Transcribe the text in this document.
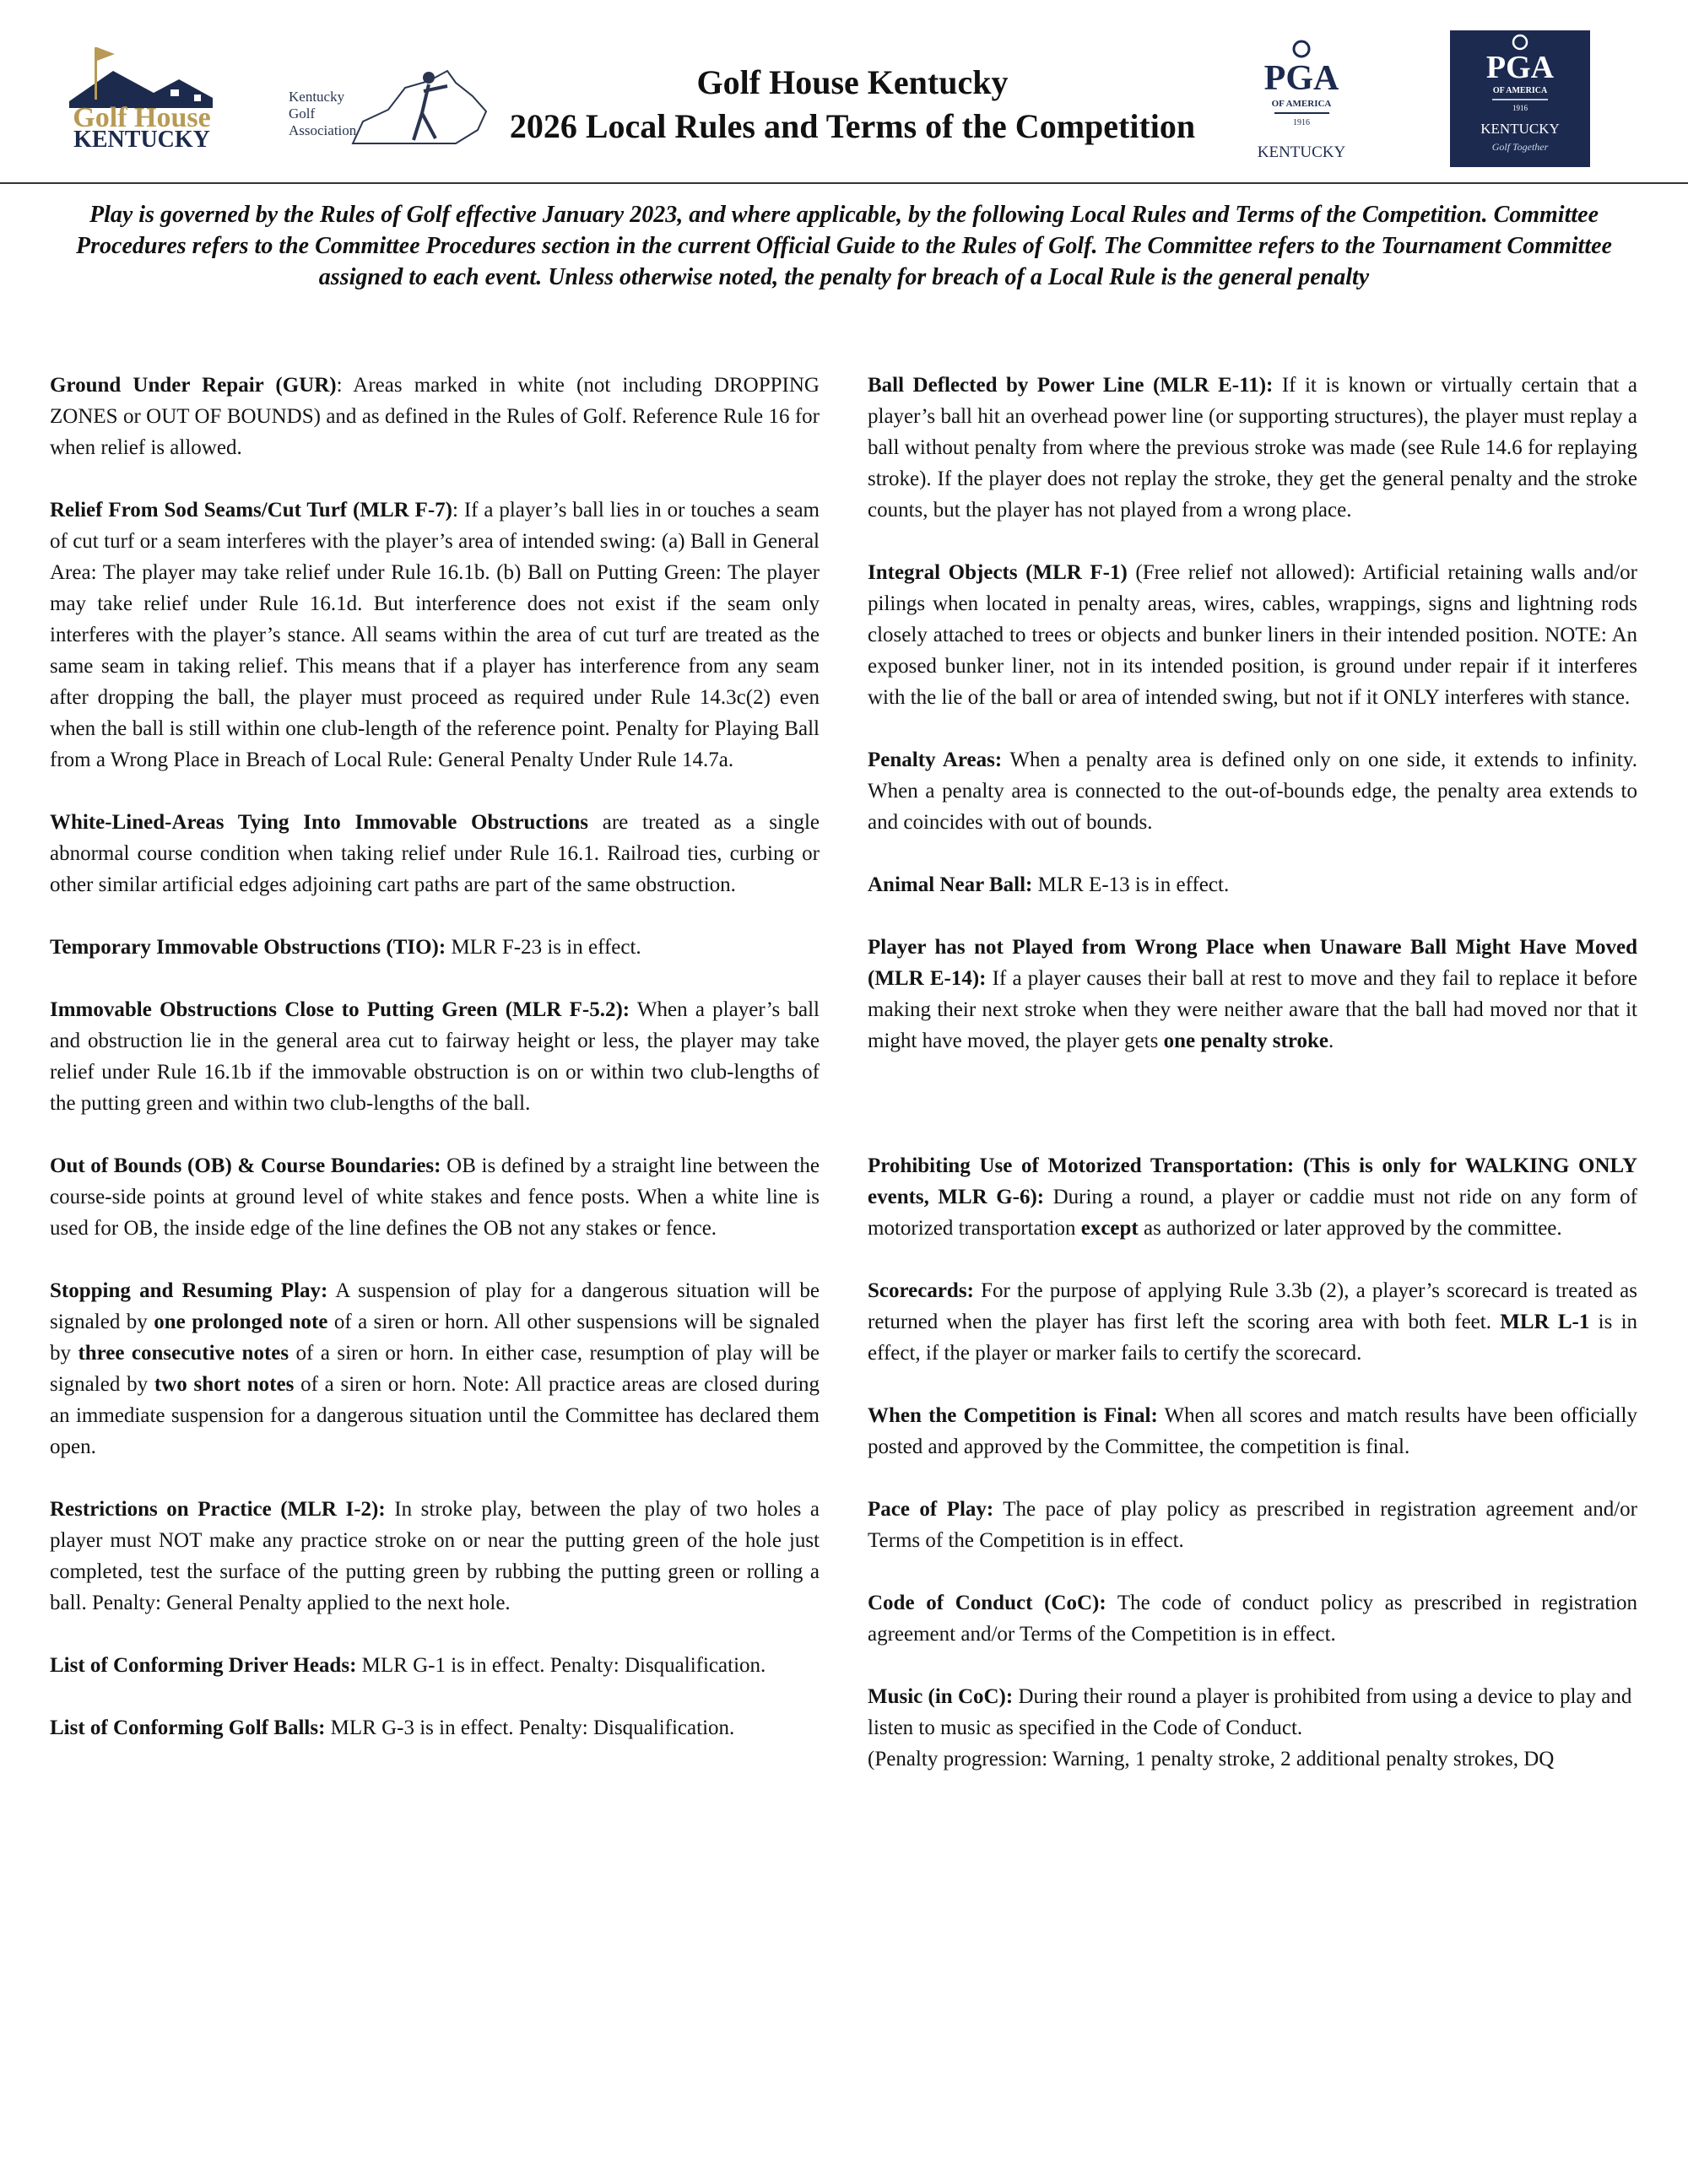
Golf House
KENTUCKY
Kentucky
Golf
Association
Golf House Kentucky
2026 Local Rules and Terms of the Competition
PGA
OF AMERICA
1916
KENTUCKY
PGA
OF AMERICA
1916
KENTUCKY
Golf Together
Play is governed by the Rules of Golf effective January 2023, and where applicable, by the following Local Rules and Terms of the Competition. Committee Procedures refers to the Committee Procedures section in the current Official Guide to the Rules of Golf. The Committee refers to the Tournament Committee assigned to each event. Unless otherwise noted, the penalty for breach of a Local Rule is the general penalty

Ground Under Repair (GUR): Areas marked in white (not including DROPPING ZONES or OUT OF BOUNDS) and as defined in the Rules of Golf. Reference Rule 16 for when relief is allowed.

Relief From Sod Seams/Cut Turf (MLR F-7): If a player’s ball lies in or touches a seam of cut turf or a seam interferes with the player’s area of intended swing: (a) Ball in General Area: The player may take relief under Rule 16.1b. (b) Ball on Putting Green: The player may take relief under Rule 16.1d. But interference does not exist if the seam only interferes with the player’s stance. All seams within the area of cut turf are treated as the same seam in taking relief. This means that if a player has interference from any seam after dropping the ball, the player must proceed as required under Rule 14.3c(2) even when the ball is still within one club-length of the reference point. Penalty for Playing Ball from a Wrong Place in Breach of Local Rule: General Penalty Under Rule 14.7a.

White-Lined-Areas Tying Into Immovable Obstructions are treated as a single abnormal course condition when taking relief under Rule 16.1. Railroad ties, curbing or other similar artificial edges adjoining cart paths are part of the same obstruction.

Temporary Immovable Obstructions (TIO): MLR F-23 is in effect.

Immovable Obstructions Close to Putting Green (MLR F-5.2): When a player’s ball and obstruction lie in the general area cut to fairway height or less, the player may take relief under Rule 16.1b if the immovable obstruction is on or within two club-lengths of the putting green and within two club-lengths of the ball.

Out of Bounds (OB) & Course Boundaries: OB is defined by a straight line between the course-side points at ground level of white stakes and fence posts. When a white line is used for OB, the inside edge of the line defines the OB not any stakes or fence.

Stopping and Resuming Play: A suspension of play for a dangerous situation will be signaled by one prolonged note of a siren or horn. All other suspensions will be signaled by three consecutive notes of a siren or horn. In either case, resumption of play will be signaled by two short notes of a siren or horn. Note: All practice areas are closed during an immediate suspension for a dangerous situation until the Committee has declared them open.

Restrictions on Practice (MLR I-2): In stroke play, between the play of two holes a player must NOT make any practice stroke on or near the putting green of the hole just completed, test the surface of the putting green by rubbing the putting green or rolling a ball. Penalty: General Penalty applied to the next hole.

List of Conforming Driver Heads: MLR G-1 is in effect. Penalty: Disqualification.

List of Conforming Golf Balls: MLR G-3 is in effect. Penalty: Disqualification.

Ball Deflected by Power Line (MLR E-11): If it is known or virtually certain that a player’s ball hit an overhead power line (or supporting structures), the player must replay a ball without penalty from where the previous stroke was made (see Rule 14.6 for replaying stroke). If the player does not replay the stroke, they get the general penalty and the stroke counts, but the player has not played from a wrong place.

Integral Objects (MLR F-1) (Free relief not allowed): Artificial retaining walls and/or pilings when located in penalty areas, wires, cables, wrappings, signs and lightning rods closely attached to trees or objects and bunker liners in their intended position. NOTE: An exposed bunker liner, not in its intended position, is ground under repair if it interferes with the lie of the ball or area of intended swing, but not if it ONLY interferes with stance.

Penalty Areas: When a penalty area is defined only on one side, it extends to infinity. When a penalty area is connected to the out-of-bounds edge, the penalty area extends to and coincides with out of bounds.

Animal Near Ball: MLR E-13 is in effect.

Player has not Played from Wrong Place when Unaware Ball Might Have Moved (MLR E-14): If a player causes their ball at rest to move and they fail to replace it before making their next stroke when they were neither aware that the ball had moved nor that it might have moved, the player gets one penalty stroke.

Prohibiting Use of Motorized Transportation: (This is only for WALKING ONLY events, MLR G-6): During a round, a player or caddie must not ride on any form of motorized transportation except as authorized or later approved by the committee.

Scorecards: For the purpose of applying Rule 3.3b (2), a player’s scorecard is treated as returned when the player has first left the scoring area with both feet. MLR L-1 is in effect, if the player or marker fails to certify the scorecard.

When the Competition is Final: When all scores and match results have been officially posted and approved by the Committee, the competition is final.

Pace of Play: The pace of play policy as prescribed in registration agreement and/or Terms of the Competition is in effect.

Code of Conduct (CoC): The code of conduct policy as prescribed in registration agreement and/or Terms of the Competition is in effect.

Music (in CoC): During their round a player is prohibited from using a device to play and listen to music as specified in the Code of Conduct.
(Penalty progression: Warning, 1 penalty stroke, 2 additional penalty strokes, DQ
